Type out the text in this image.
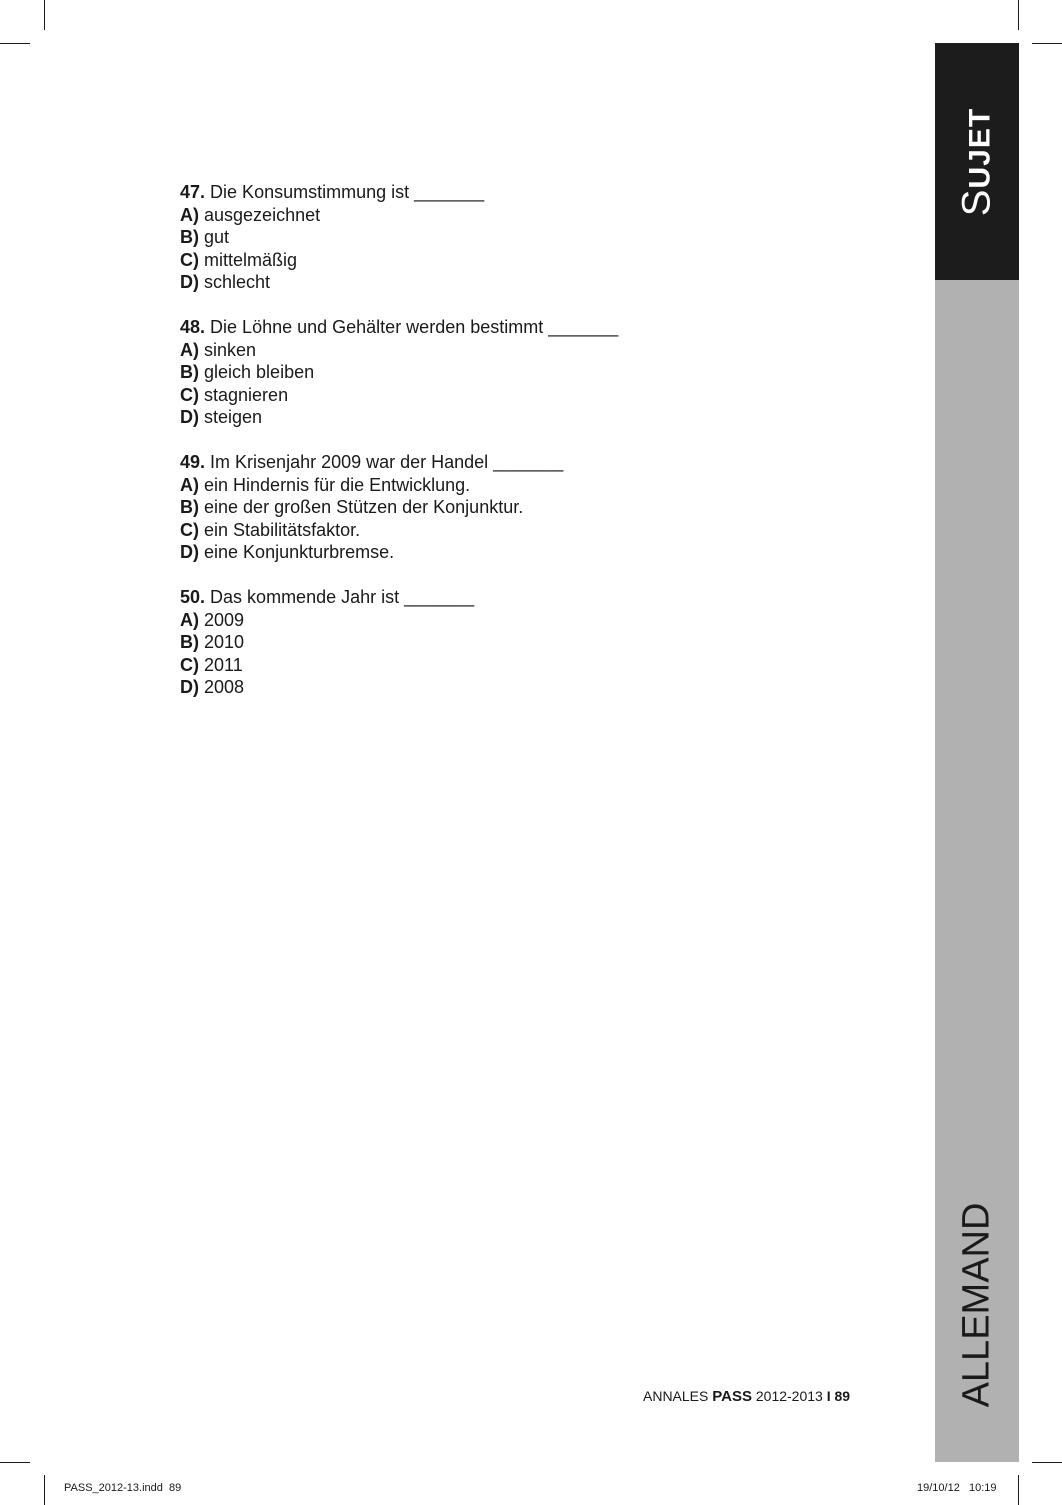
SUJET
ALLEMAND
47. Die Konsumstimmung ist _______
A) ausgezeichnet
B) gut
C) mittelmäßig
D) schlecht
48. Die Löhne und Gehälter werden bestimmt _______
A) sinken
B) gleich bleiben
C) stagnieren
D) steigen
49. Im Krisenjahr 2009 war der Handel _______
A) ein Hindernis für die Entwicklung.
B) eine der großen Stützen der Konjunktur.
C) ein Stabilitätsfaktor.
D) eine Konjunkturbremse.
50. Das kommende Jahr ist _______
A) 2009
B) 2010
C) 2011
D) 2008
ANNALES PASS 2012-2013 I 89
PASS_2012-13.indd 89	19/10/12 10:19
